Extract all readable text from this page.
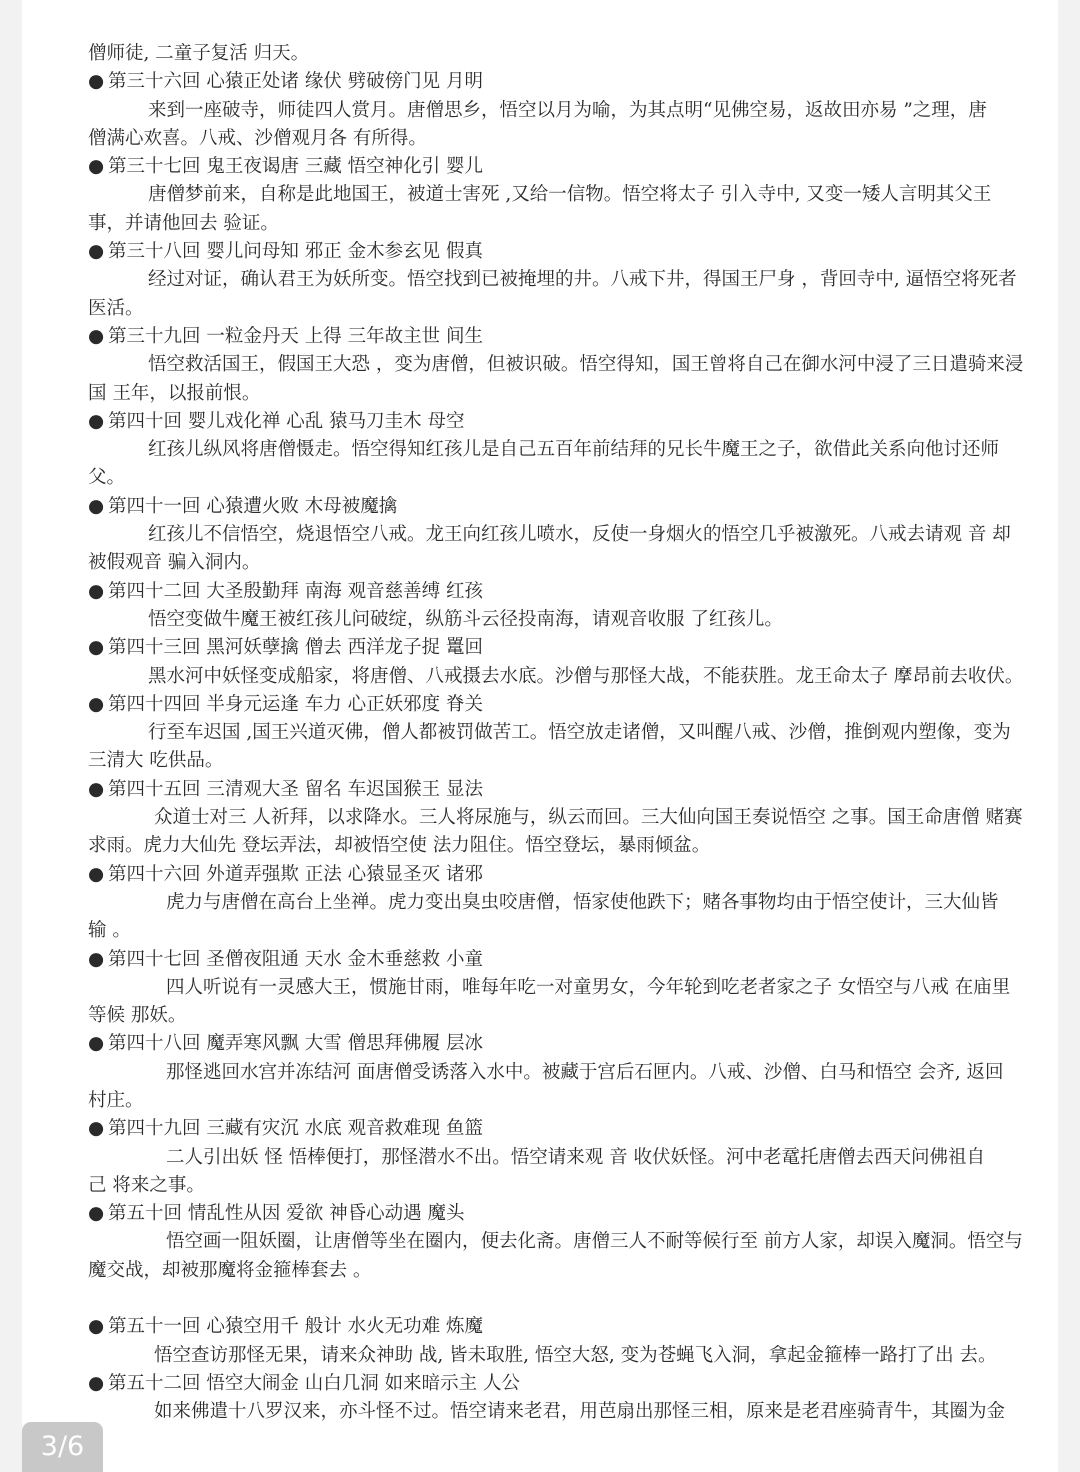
僧师徒, 二童子复活 归天。
● 第三十六回 心猿正处诸 缘伏 劈破傍门见 月明
来到一座破寺，师徒四人赏月。唐僧思乡，悟空以月为喻，为其点明“见佛空易，返故田亦易 ”之理，唐
僧满心欢喜。八戒、沙僧观月各 有所得。
● 第三十七回 鬼王夜谒唐 三藏 悟空神化引 婴儿
唐僧梦前来，自称是此地国王，被道士害死 ,又给一信物。悟空将太子 引入寺中, 又变一矮人言明其父王
事，并请他回去 验证。
● 第三十八回 婴儿问母知 邪正 金木参玄见 假真
经过对证，确认君王为妖所变。悟空找到已被掩埋的井。八戒下井，得国王尸身 ，背回寺中, 逼悟空将死者
医活。
● 第三十九回 一粒金丹天 上得 三年故主世 间生
悟空救活国王，假国王大恐 ，变为唐僧，但被识破。悟空得知，国王曾将自己在御水河中浸了三日遣骑来浸
国 王年，以报前恨。
● 第四十回 婴儿戏化禅 心乱 猿马刀圭木 母空
红孩儿纵风将唐僧慑走。悟空得知红孩儿是自己五百年前结拜的兄长牛魔王之子，欲借此关系向他讨还师
父。
● 第四十一回 心猿遭火败 木母被魔擒
红孩儿不信悟空，烧退悟空八戒。龙王向红孩儿喷水，反使一身烟火的悟空几乎被激死。八戒去请观 音 却
被假观音 骗入洞内。
● 第四十二回 大圣殷勤拜 南海 观音慈善缚 红孩
悟空变做牛魔王被红孩儿问破绽，纵筋斗云径投南海，请观音收服 了红孩儿。
● 第四十三回 黑河妖孽擒 僧去 西洋龙子捉 鼍回
黑水河中妖怪变成船家，将唐僧、八戒摄去水底。沙僧与那怪大战，不能获胜。龙王命太子 摩昂前去收伏。
● 第四十四回 半身元运逢 车力 心正妖邪度 脊关
行至车迟国 ,国王兴道灭佛，僧人都被罚做苦工。悟空放走诸僧，又叫醒八戒、沙僧，推倒观内塑像，变为
三清大 吃供品。
● 第四十五回 三清观大圣 留名 车迟国猴王 显法
众道士对三 人祈拜，以求降水。三人将尿施与，纵云而回。三大仙向国王奏说悟空 之事。国王命唐僧 赌赛
求雨。虎力大仙先 登坛弄法，却被悟空使 法力阻住。悟空登坛，暴雨倾盆。
● 第四十六回 外道弄强欺 正法 心猿显圣灭 诸邪
虎力与唐僧在高台上坐禅。虎力变出臭虫咬唐僧，悟家使他跌下；赌各事物均由于悟空使计，三大仙皆
输 。
● 第四十七回 圣僧夜阻通 天水 金木垂慈救 小童
四人听说有一灵感大王，惯施甘雨，唯每年吃一对童男女，今年轮到吃老者家之子 女悟空与八戒 在庙里
等候 那妖。
● 第四十八回 魔弄寒风飘 大雪 僧思拜佛履 层冰
那怪逃回水宫并冻结河 面唐僧受诱落入水中。被藏于宫后石匣内。八戒、沙僧、白马和悟空 会齐, 返回
村庄。
● 第四十九回 三藏有灾沉 水底 观音救难现 鱼篮
二人引出妖 怪 悟棒便打，那怪潜水不出。悟空请来观 音 收伏妖怪。河中老鼋托唐僧去西天问佛祖自
己 将来之事。
● 第五十回 情乱性从因 爱欲 神昏心动遇 魔头
悟空画一阻妖圈，让唐僧等坐在圈内，便去化斋。唐僧三人不耐等候行至 前方人家，却误入魔洞。悟空与
魔交战，却被那魔将金箍棒套去 。
● 第五十一回 心猿空用千 般计 水火无功难 炼魔
悟空查访那怪无果，请来众神助 战, 皆未取胜, 悟空大怒, 变为苍蝇飞入洞，拿起金箍棒一路打了出 去。
● 第五十二回 悟空大闹金 山白几洞 如来暗示主 人公
如来佛遣十八罗汉来，亦斗怪不过。悟空请来老君，用芭扇出那怪三相，原来是老君座骑青牛，其圈为金
3/6
